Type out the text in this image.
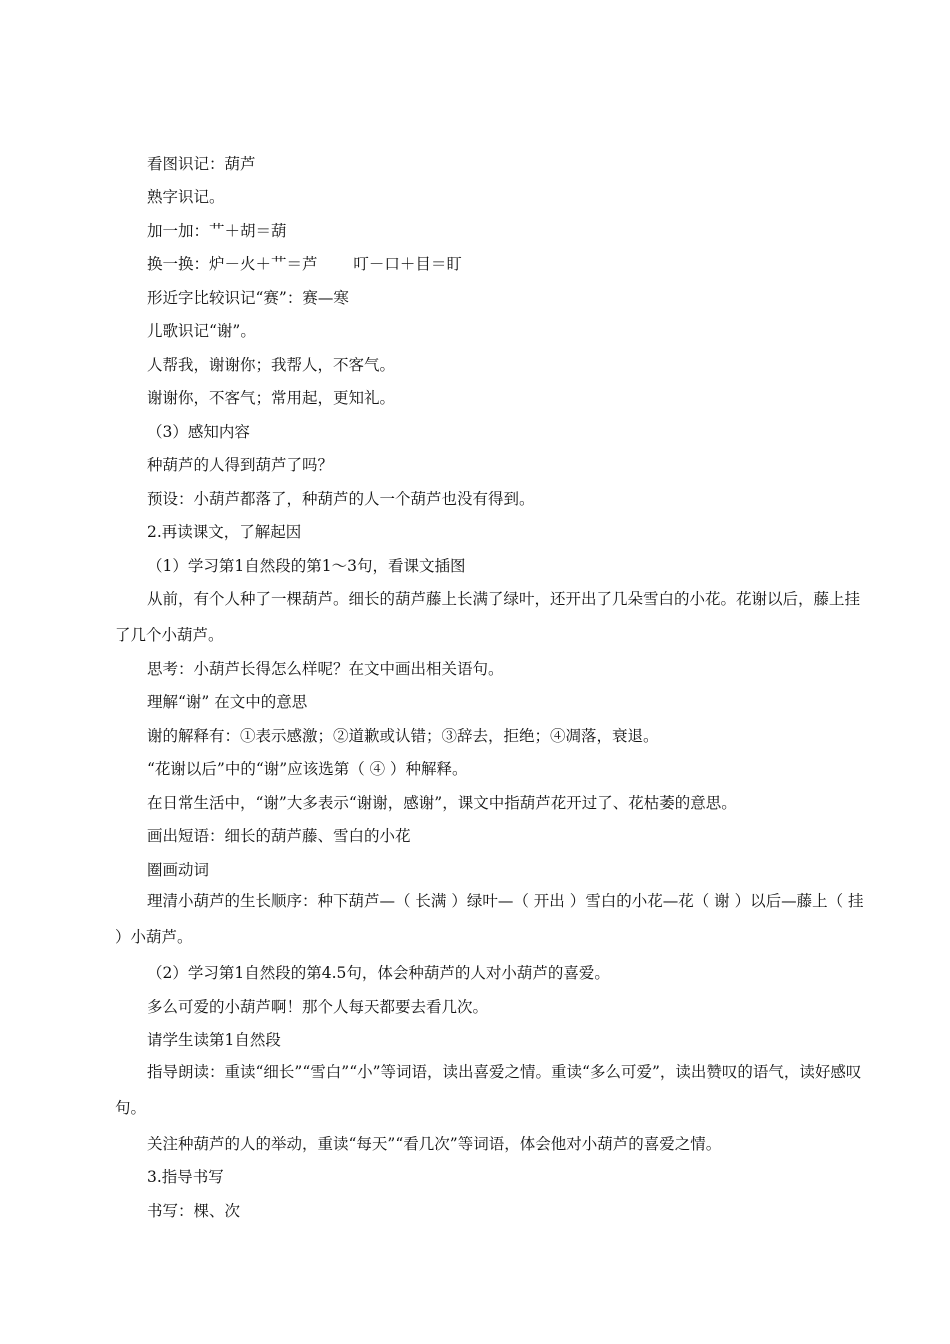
看图识记：葫芦
熟字识记。
加一加：艹＋胡＝葫
换一换：炉－火＋艹＝芦　　 叮－口＋目＝盯
形近字比较识记“赛”：赛—寒
儿歌识记“谢”。
人帮我，谢谢你；我帮人，不客气。
谢谢你，不客气；常用起，更知礼。
（3）感知内容
种葫芦的人得到葫芦了吗？
预设：小葫芦都落了，种葫芦的人一个葫芦也没有得到。
2.再读课文，了解起因
（1）学习第1自然段的第1～3句，看课文插图
从前，有个人种了一棵葫芦。细长的葫芦藤上长满了绿叶，还开出了几朵雪白的小花。花谢以后，藤上挂了几个小葫芦。
思考：小葫芦长得怎么样呢？在文中画出相关语句。
理解“谢” 在文中的意思
谢的解释有：①表示感激；②道歉或认错；③辞去，拒绝；④凋落，衰退。
“花谢以后”中的“谢”应该选第（ ④ ）种解释。
在日常生活中，“谢”大多表示“谢谢，感谢”，课文中指葫芦花开过了、花枯萎的意思。
画出短语：细长的葫芦藤、雪白的小花
圈画动词
理清小葫芦的生长顺序：种下葫芦—（ 长满 ）绿叶—（ 开出 ）雪白的小花—花（ 谢 ）以后—藤上（ 挂 ）小葫芦。
（2）学习第1自然段的第4.5句，体会种葫芦的人对小葫芦的喜爱。
多么可爱的小葫芦啊！那个人每天都要去看几次。
请学生读第1自然段
指导朗读：重读“细长”“雪白”“小”等词语，读出喜爱之情。重读“多么可爱”，读出赞叹的语气，读好感叹句。
关注种葫芦的人的举动，重读“每天”“看几次”等词语，体会他对小葫芦的喜爱之情。
3.指导书写
书写：棵、次
